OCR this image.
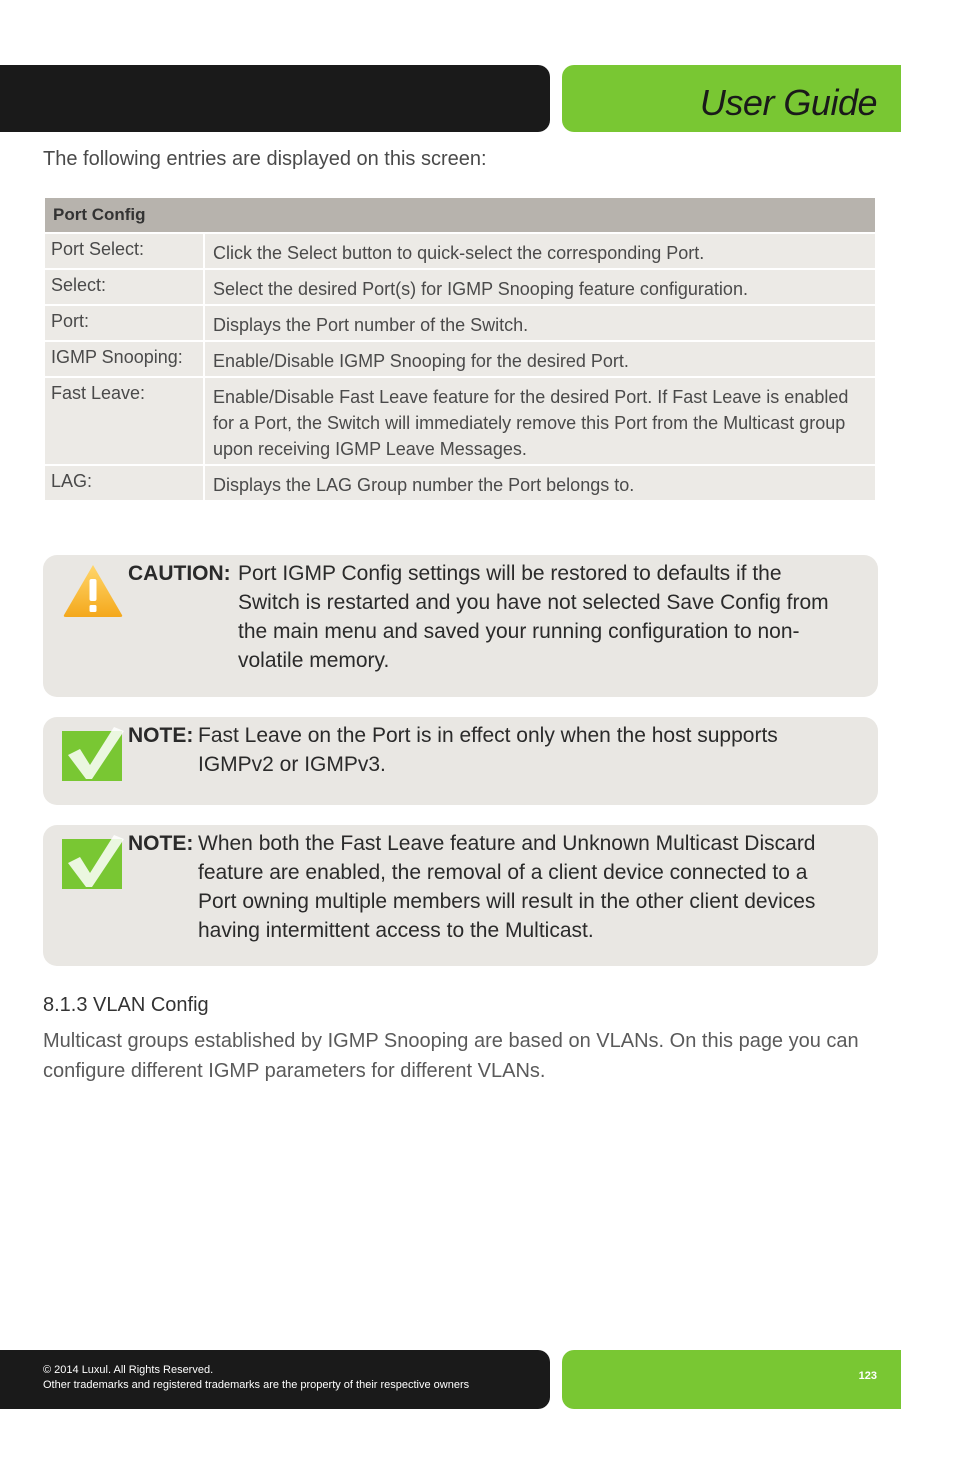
User Guide
The following entries are displayed on this screen:
Port Config	
Port Select:	Click the Select button to quick-select the corresponding Port.
Select:	Select the desired Port(s) for IGMP Snooping feature configuration.
Port:	Displays the Port number of the Switch.
IGMP Snooping:	Enable/Disable IGMP Snooping for the desired Port.
Fast Leave:	Enable/Disable Fast Leave feature for the desired Port. If Fast Leave is enabled for a Port, the Switch will immediately remove this Port from the Multicast group upon receiving IGMP Leave Messages.
LAG:	Displays the LAG Group number the Port belongs to.
CAUTION: Port IGMP Config settings will be restored to defaults if the Switch is restarted and you have not selected Save Config from the main menu and saved your running configuration to non-volatile memory.
NOTE: Fast Leave on the Port is in effect only when the host supports IGMPv2 or IGMPv3.
NOTE: When both the Fast Leave feature and Unknown Multicast Discard feature are enabled, the removal of a client device connected to a Port owning multiple members will result in the other client devices having intermittent access to the Multicast.
8.1.3 VLAN Config
Multicast groups established by IGMP Snooping are based on VLANs. On this page you can configure different IGMP parameters for different VLANs.
© 2014 Luxul. All Rights Reserved.
Other trademarks and registered trademarks are the property of their respective owners
123
